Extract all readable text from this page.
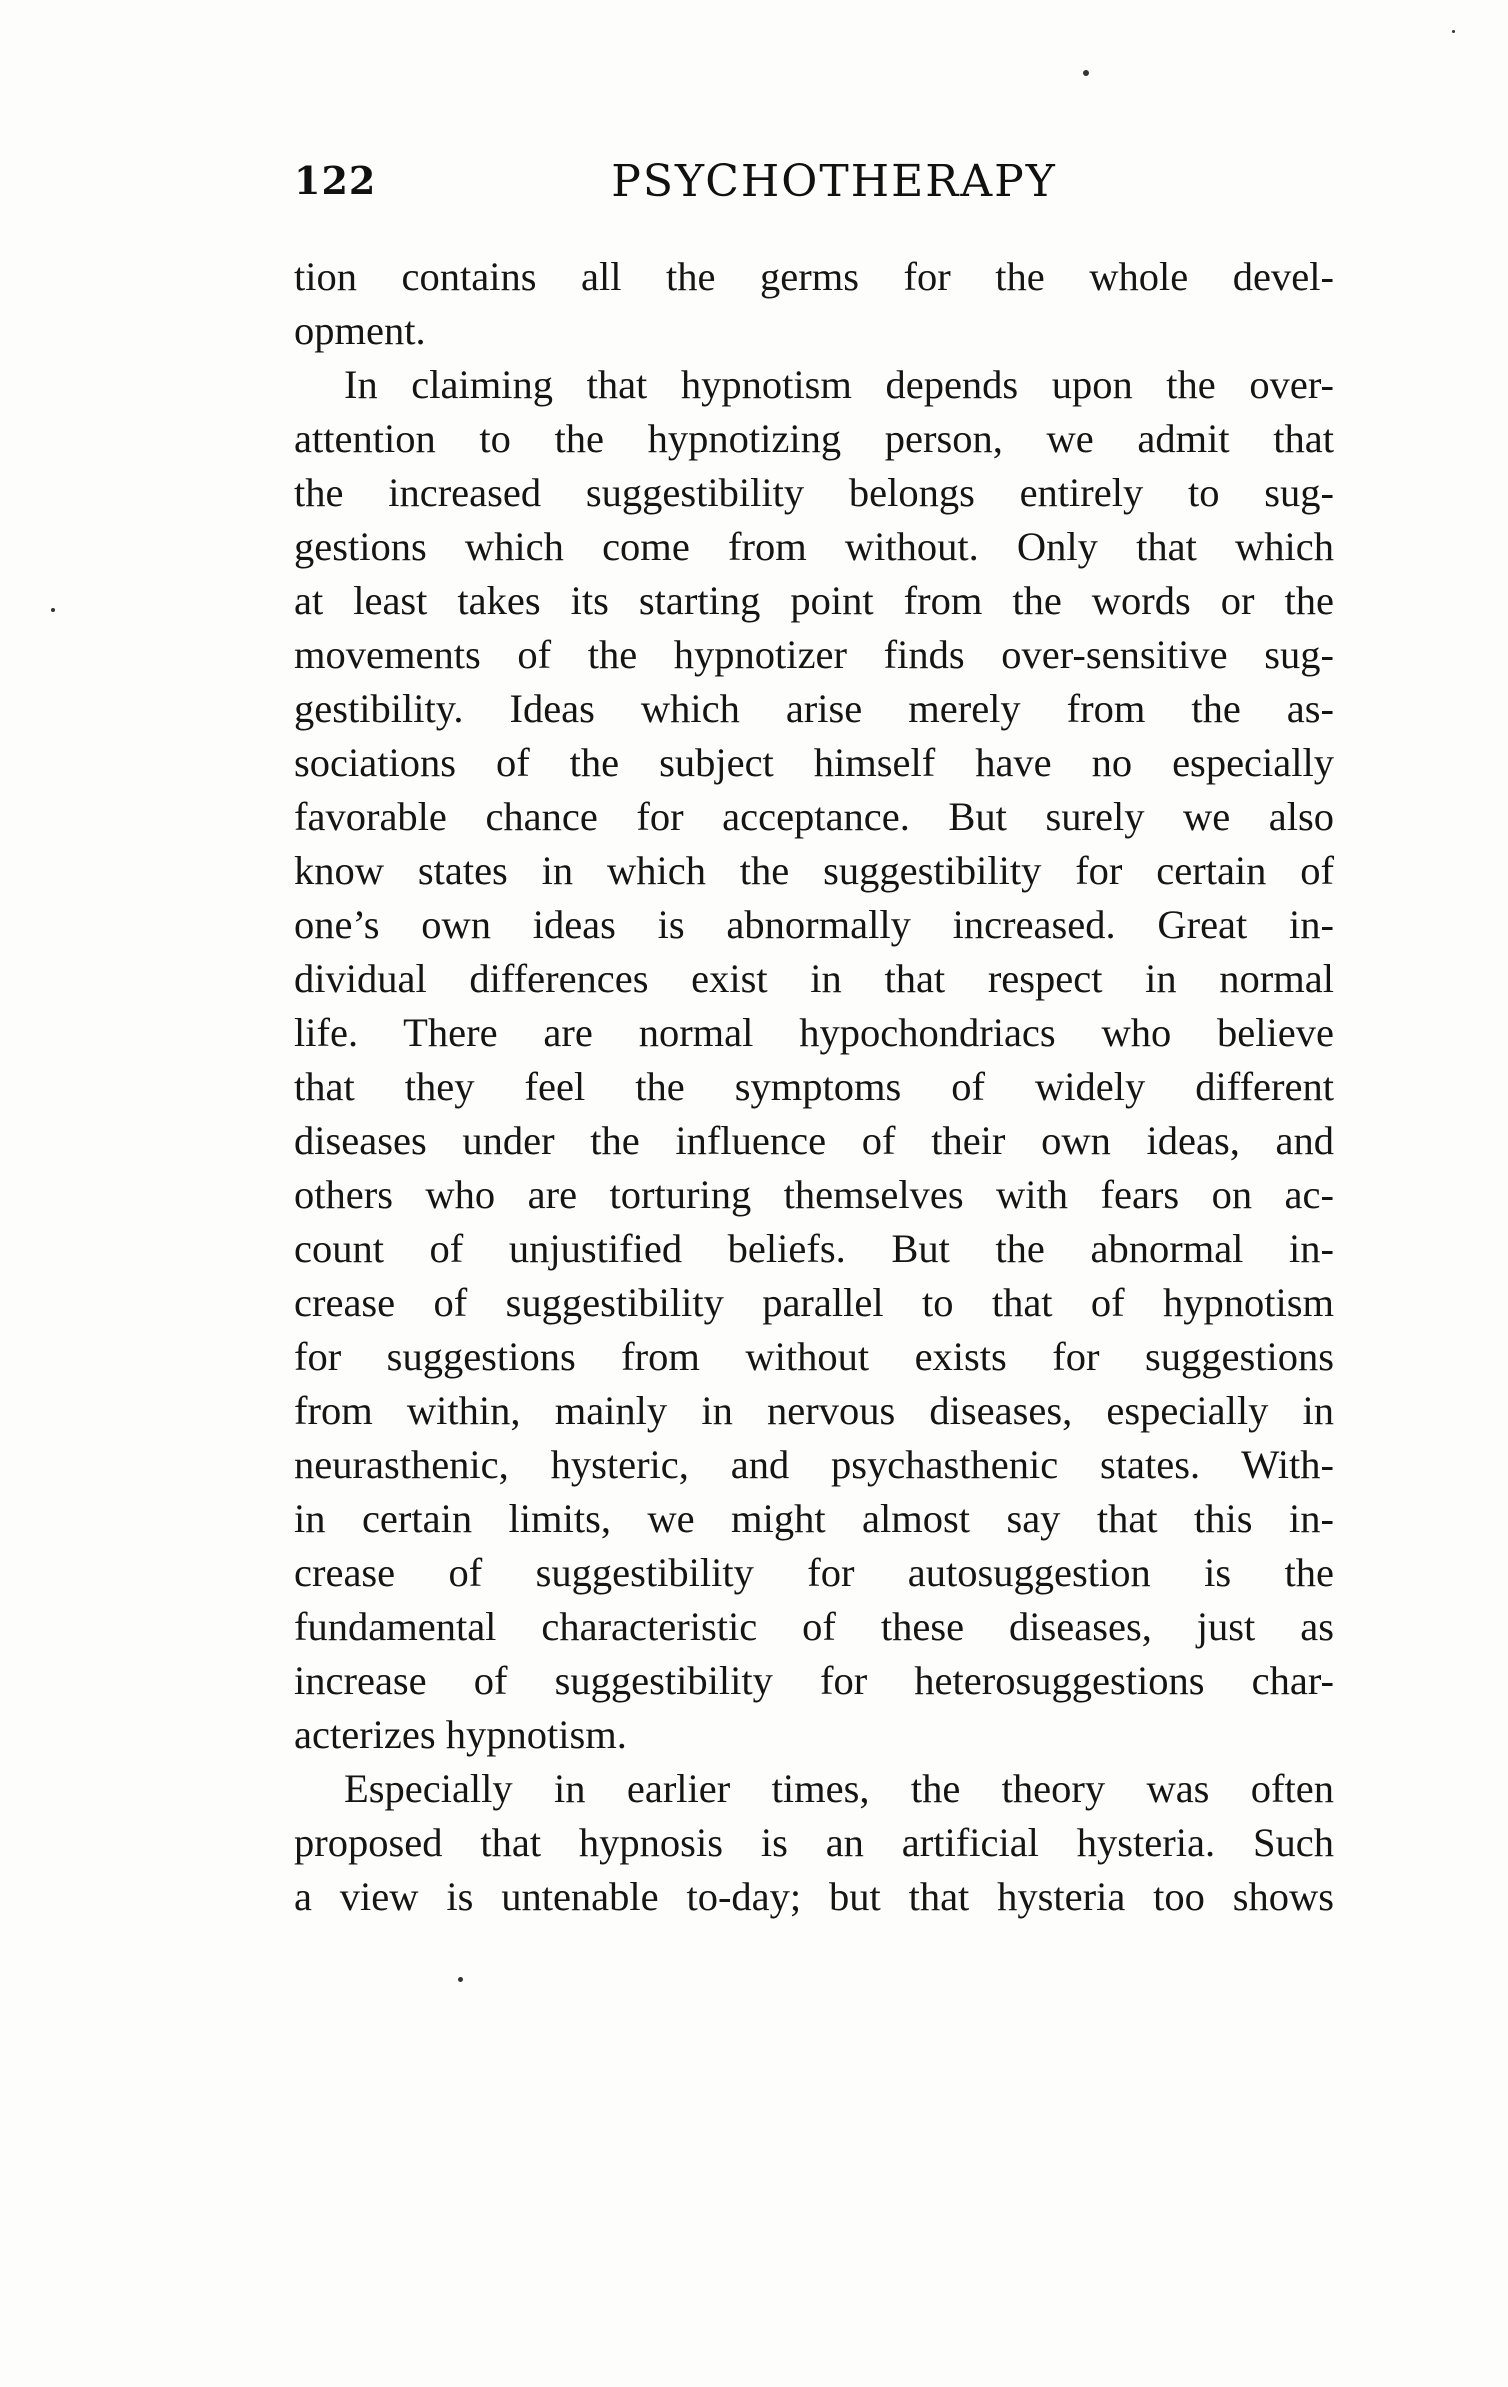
122	PSYCHOTHERAPY
tion contains all the germs for the whole devel-
opment.
In claiming that hypnotism depends upon the over-
attention to the hypnotizing person, we admit that
the increased suggestibility belongs entirely to sug-
gestions which come from without. Only that which
at least takes its starting point from the words or the
movements of the hypnotizer finds over-sensitive sug-
gestibility. Ideas which arise merely from the as-
sociations of the subject himself have no especially
favorable chance for acceptance. But surely we also
know states in which the suggestibility for certain of
one’s own ideas is abnormally increased. Great in-
dividual differences exist in that respect in normal
life. There are normal hypochondriacs who believe
that they feel the symptoms of widely different
diseases under the influence of their own ideas, and
others who are torturing themselves with fears on ac-
count of unjustified beliefs. But the abnormal in-
crease of suggestibility parallel to that of hypnotism
for suggestions from without exists for suggestions
from within, mainly in nervous diseases, especially in
neurasthenic, hysteric, and psychasthenic states. With-
in certain limits, we might almost say that this in-
crease of suggestibility for autosuggestion is the
fundamental characteristic of these diseases, just as
increase of suggestibility for heterosuggestions char-
acterizes hypnotism.
Especially in earlier times, the theory was often
proposed that hypnosis is an artificial hysteria. Such
a view is untenable to-day; but that hysteria too shows
